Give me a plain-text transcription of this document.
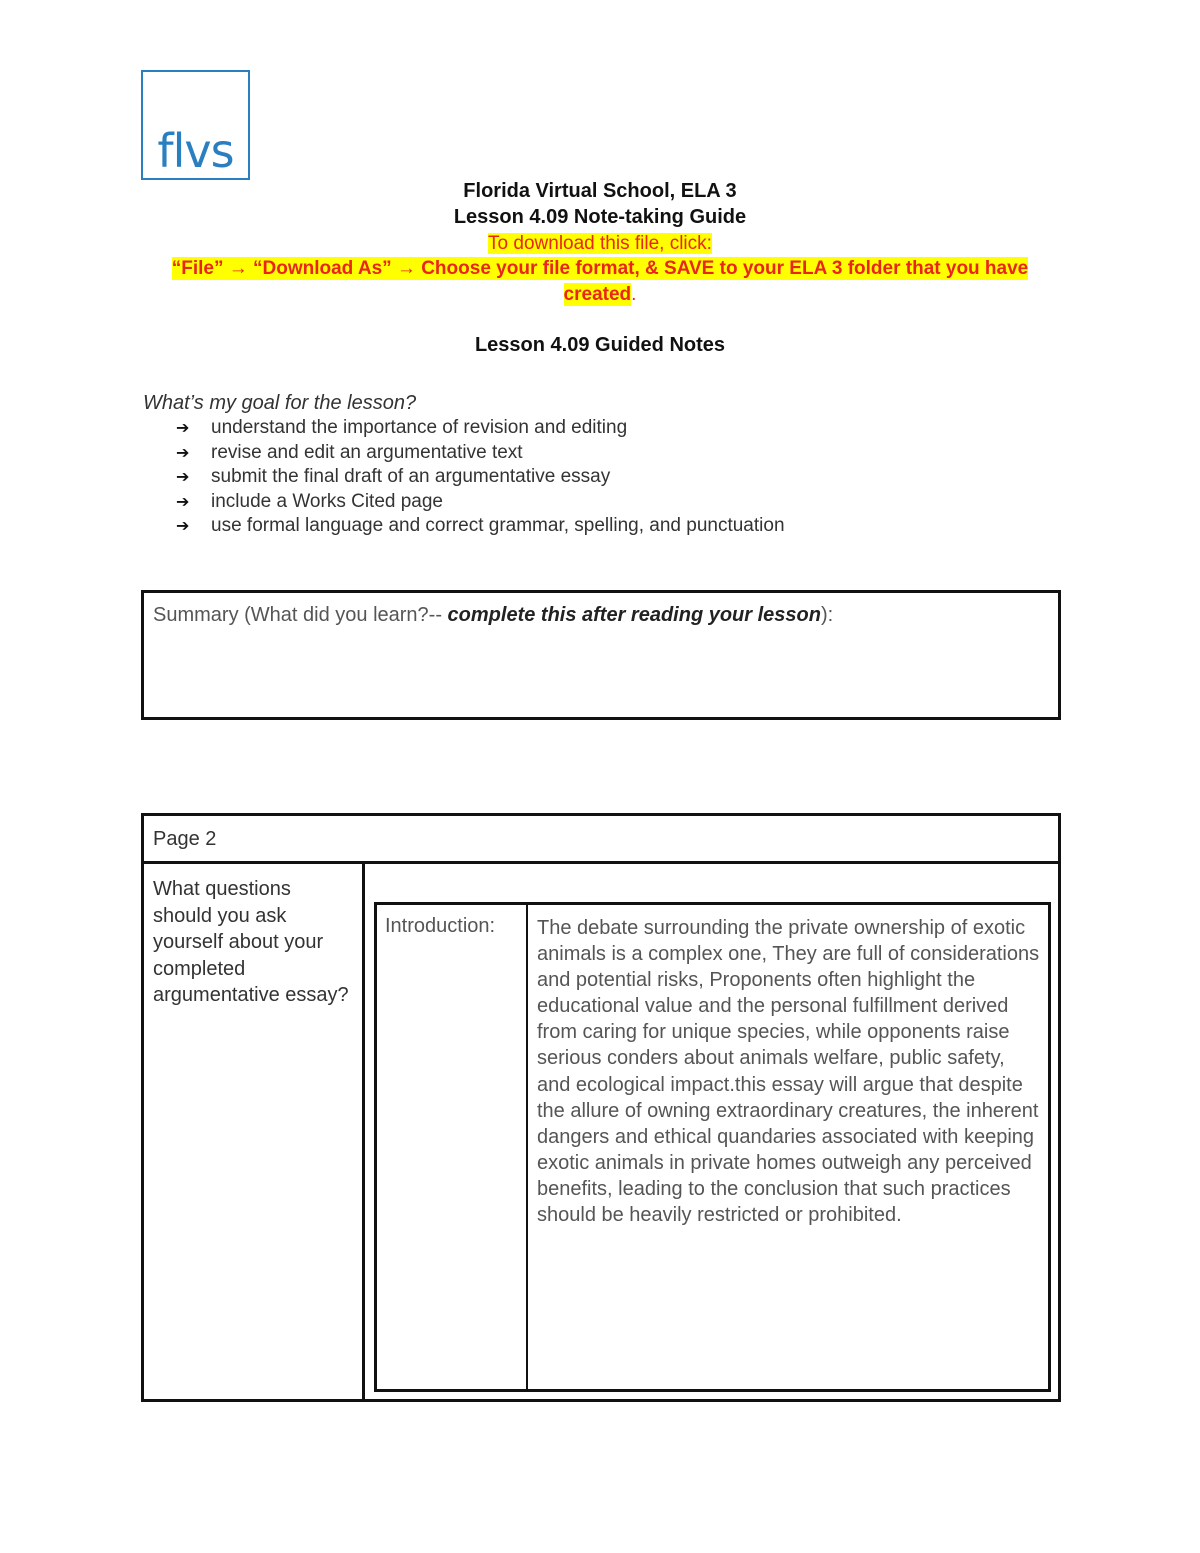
flvs
Florida Virtual School, ELA 3
Lesson 4.09 Note-taking Guide
To download this file, click:
“File” → “Download As” → Choose your file format, & SAVE to your ELA 3 folder that you have created.
Lesson 4.09 Guided Notes
What’s my goal for the lesson?
➔ understand the importance of revision and editing
➔ revise and edit an argumentative text
➔ submit the final draft of an argumentative essay
➔ include a Works Cited page
➔ use formal language and correct grammar, spelling, and punctuation
Summary (What did you learn?-- complete this after reading your lesson):
Page 2
What questions should you ask yourself about your completed argumentative essay?
Introduction:	The debate surrounding the private ownership of exotic animals is a complex one, They are full of considerations and potential risks, Proponents often highlight the educational value and the personal fulfillment derived from caring for unique species, while opponents raise serious conders about animals welfare, public safety, and ecological impact.this essay will argue that despite the allure of owning extraordinary creatures, the inherent dangers and ethical quandaries associated with keeping exotic animals in private homes outweigh any perceived benefits, leading to the conclusion that such practices should be heavily restricted or prohibited.
